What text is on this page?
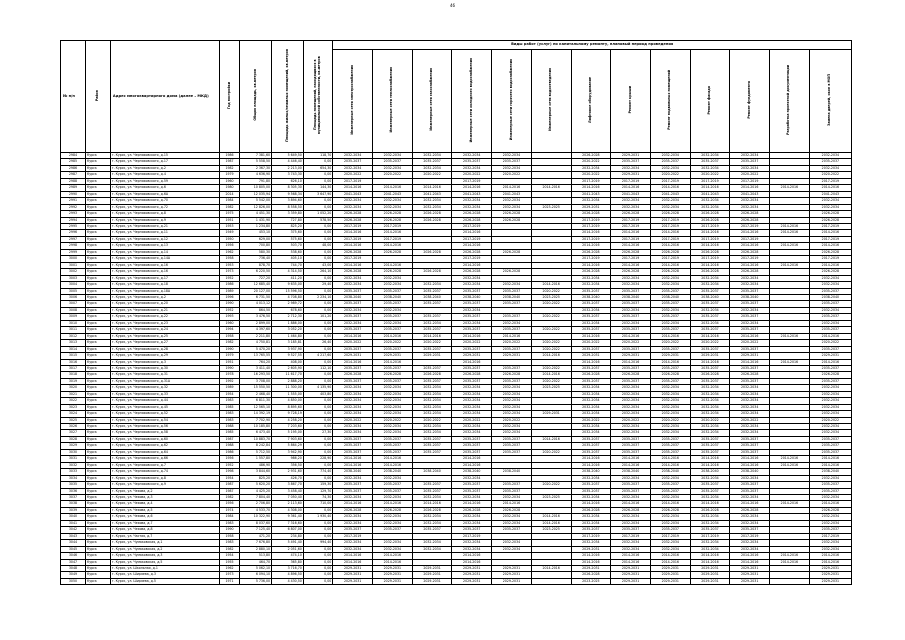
46
№ п/п	Район	Адрес многоквартирного дома (далее – МКД)	Год постройки	Общая площадь, кв.метров	Площадь жилых/нежилых помещений, кв.метров	Площадь помещений, находящихся в муниципальной собственности, кв.метров	Виды работ (услуг) по капитальному ремонту, плановый период проведения												
							Инженерные сети электроснабжения	Инженерные сети теплоснабжения	Инженерные сети газоснабжения	Инженерные сети холодного водоснабжения	Инженерные сети горячего водоснабжения	Инженерные сети водоотведения	Лифтовое оборудование	Ремонт крыши	Ремонт подвальных помещений	Ремонт фасада	Ремонт фундамента	Разработка проектной документации	Замена дверей, окон в МОП
2984	Курск	г. Курск, ул. Черняховского, д.15	1986	7 381,60	5 649,50	118,70	2032-2034	2032-2034	2032-2034	2032-2034	2032-2034		2026-2028	2029-2031	2032-2034	2032-2034	2032-2034		2032-2034
2985	Курск	г. Курск, ул. Черняховского, д.17	1987	5 558,50	4 446,40	0,00	2035-2037	2035-2037	2035-2037	2035-2037	2035-2037		2020-2022	2035-2037	2035-2037	2035-2037	2035-2037		2035-2037
2986	Курск	г. Курск, ул. Черняховского, д.2	1982	2 367,30	2 213,00	654,30	2032-2034	2032-2034	2032-2034	2032-2034	2032-2034		2032-2034	2032-2034	2032-2034	2032-2034	2032-2034		2032-2034
2987	Курск	г. Курск, ул. Черняховского, д.4	1979	4 636,90	3 743,30	0,00	2020-2022	2020-2022	2020-2022	2020-2022	2020-2022		2020-2022	2029-2031	2020-2022	2020-2022	2020-2022		2020-2022
2988	Курск	г. Курск, ул. Черняховского, д.59	1960	791,80	626,10	0,00	2017-2019			2017-2019			2017-2019	2017-2019	2017-2019	2017-2019	2017-2019		2017-2019
2989	Курск	г. Курск, ул. Черняховского, д.6	1980	10 805,00	8 305,30	144,30	2014-2016	2014-2016	2014-2016	2014-2016	2014-2016	2014-2016	2014-2016	2014-2016	2014-2016	2014-2016	2014-2016	2014-2016	2014-2016
2990	Курск	г. Курск, ул. Черняховского, д.6А	2014	12 035,94	9 568,34	3 647,90	2041-2043	2041-2043	2041-2043	2041-2043	2041-2043		2041-2043	2041-2043	2041-2043	2041-2043	2041-2043		2041-2043
2991	Курск	г. Курск, ул. Черняховского, д.70	1984	5 542,00	3 894,60	0,00	2032-2034	2032-2034	2032-2034	2032-2034	2032-2034		2032-2034	2032-2034	2032-2034	2032-2034	2032-2034		2032-2034
2992	Курск	г. Курск, ул. Черняховского, д.72	1982	12 826,00	8 558,50	0,00	2032-2034	2032-2034	2032-2034	2032-2034	2032-2034	2023-2025	2029-2031	2032-2034	2032-2034	2032-2034	2032-2034		2032-2034
2993	Курск	г. Курск, ул. Черняховского, д.8	1975	4 451,30	3 359,80	1 052,20	2026-2028	2026-2028	2026-2028	2026-2028	2026-2028		2026-2028	2026-2028	2026-2028	2026-2028	2026-2028		2026-2028
2994	Курск	г. Курск, ул. Черняховского, д.9	1951	1 431,90	727,80	578,50	2026-2028	2026-2028	2026-2028	2026-2028	2026-2028		2017-2019	2017-2019	2017-2019	2026-2028	2026-2028		2026-2028
2995	Курск	г. Курск, ул. Черняховского, д.21	1953	1 234,80	825,20	0,00	2017-2019	2017-2019		2017-2019			2017-2019	2017-2019	2017-2019	2017-2019	2017-2019	2014-2016	2017-2019
2996	Курск	г. Курск, ул. Черняховского, д.11	1949	453,10	375,60	0,00	2014-2016	2014-2016		2014-2016			2014-2016	2014-2016	2014-2016	2014-2016	2014-2016	2014-2016	2014-2016
2997	Курск	г. Курск, ул. Черняховского, д.12	1950	629,00	575,60	0,00	2017-2019	2017-2019		2017-2019			2017-2019	2017-2019	2017-2019	2017-2019	2017-2019		2017-2019
2998	Курск	г. Курск, ул. Черняховского, д.13	1956	700,80	503,70	48,00	2014-2016	2014-2016		2014-2016			2014-2016	2014-2016	2014-2016	2014-2016	2014-2016	2014-2016	2014-2016
2999	Курск	г. Курск, ул. Черняховского, д.14	1962	580,30	538,60	0,00	2026-2028	2026-2028	2026-2028	2026-2028	2026-2028		2026-2028	2026-2028	2026-2028	2026-2028	2026-2028		2026-2028
3000	Курск	г. Курск, ул. Черняховского, д.14А	1958	736,40	405,10	0,00	2017-2019			2017-2019			2017-2019	2017-2019	2017-2019	2017-2019	2017-2019		2017-2019
3001	Курск	г. Курск, ул. Черняховского, д.16	1953	878,70	744,70	43,00	2014-2016	2014-2016		2014-2016			2014-2016	2014-2016	2014-2016	2014-2016	2014-2016	2014-2016	2014-2016
3002	Курск	г. Курск, ул. Черняховского, д.16	1973	6 220,50	4 314,50	264,10	2026-2028	2026-2028	2026-2028	2026-2028	2026-2028		2026-2028	2026-2028	2026-2028	2026-2028	2026-2028		2026-2028
3003	Курск	г. Курск, ул. Черняховского, д.17	1952	727,20	411,20	0,00	2032-2034	2032-2034		2032-2034			2032-2034	2032-2034	2032-2034	2032-2034	2032-2034		2032-2034
3004	Курск	г. Курск, ул. Черняховского, д.18	1986	12 685,40	9 635,00	29,40	2032-2034	2032-2034	2032-2034	2032-2034	2032-2034	2014-2016	2032-2034	2032-2034	2032-2034	2032-2034	2032-2034		2032-2034
3005	Курск	г. Курск, ул. Черняховского, д.18А	1989	20 127,00	15 596,50	0,00	2035-2037	2035-2037	2035-2037	2035-2037	2035-2037	2020-2022	2035-2037	2035-2037	2035-2037	2035-2037	2035-2037		2035-2037
3006	Курск	г. Курск, ул. Черняховского, д.2	1996	6 731,50	4 708,80	2 234,10	2038-2040	2038-2040	2038-2040	2038-2040	2038-2040	2023-2025	2038-2040	2038-2040	2038-2040	2038-2040	2038-2040		2038-2040
3007	Курск	г. Курск, ул. Черняховского, д.20	1990	4 013,12	2 989,72	0,00	2035-2037	2035-2037	2035-2037	2035-2037	2035-2037	2020-2022	2035-2037	2035-2037	2035-2037	2035-2037	2035-2037		2035-2037
3008	Курск	г. Курск, ул. Черняховского, д.21	1952	864,50	678,60	0,00	2032-2034	2032-2034		2032-2034			2032-2034	2032-2034	2032-2034	2032-2034	2032-2034		2032-2034
3009	Курск	г. Курск, ул. Черняховского, д.22	1993	3 476,50	2 712,30	101,20	2035-2037	2035-2037	2035-2037	2035-2037	2035-2037	2020-2022	2035-2037	2035-2037	2035-2037	2035-2037	2035-2037		2035-2037
3010	Курск	г. Курск, ул. Черняховского, д.23	1960	2 899,00	1 886,00	0,00	2032-2034	2032-2034	2032-2034	2032-2034	2032-2034		2032-2034	2032-2034	2032-2034	2032-2034	2032-2034		2032-2034
3011	Курск	г. Курск, ул. Черняховского, д.24	1994	4 397,60	3 052,20	0,00	2035-2037	2035-2037	2035-2037	2035-2037	2035-2037	2020-2022	2035-2037	2035-2037	2035-2037	2035-2037	2035-2037		2035-2037
3012	Курск	г. Курск, ул. Черняховского, д.25	1958	2 211,80	1 464,80	0,00	2014-2016	2014-2016	2014-2016	2014-2016	2014-2016		2014-2016	2014-2016	2014-2016	2014-2016	2014-2016	2014-2016	2014-2016
3013	Курск	г. Курск, ул. Черняховского, д.27	1982	4 750,81	3 185,81	26,40	2020-2022	2020-2022	2020-2022	2020-2022	2020-2022	2020-2022	2020-2022	2020-2022	2020-2022	2020-2022	2020-2022		2020-2022
3014	Курск	г. Курск, ул. Черняховского, д.28	1990	5 470,20	3 937,90	0,00	2035-2037	2035-2037	2035-2037	2035-2037	2035-2037	2020-2022	2035-2037	2035-2037	2035-2037	2035-2037	2035-2037		2035-2037
3015	Курск	г. Курск, ул. Черняховского, д.29	1979	13 765,55	9 527,55	4 217,60	2029-2031	2029-2031	2029-2031	2029-2031	2029-2031	2014-2016	2029-2031	2029-2031	2029-2031	2029-2031	2029-2031		2029-2031
3016	Курск	г. Курск, ул. Черняховского, д.3	1951	764,20	408,00	0,00	2014-2016	2014-2016		2014-2016			2014-2016	2014-2016	2014-2016	2014-2016	2014-2016	2014-2016	2014-2016
3017	Курск	г. Курск, ул. Черняховского, д.30	1990	3 411,40	2 605,90	112,10	2035-2037	2035-2037	2035-2037	2035-2037	2035-2037	2020-2022	2035-2037	2035-2037	2035-2037	2035-2037	2035-2037		2035-2037
3018	Курск	г. Курск, ул. Черняховского, д.31	1978	16 293,50	11 617,70	0,00	2026-2028	2026-2028	2026-2028	2026-2028	2026-2028	2014-2016	2026-2028	2026-2028	2026-2028	2026-2028	2026-2028		2026-2028
3019	Курск	г. Курск, ул. Черняховского, д.31А	1992	3 708,00	2 888,20	0,00	2035-2037	2035-2037	2035-2037	2035-2037	2035-2037	2020-2022	2035-2037	2035-2037	2035-2037	2035-2037	2035-2037		2035-2037
3020	Курск	г. Курск, ул. Черняховского, д.32	1989	15 550,50	11 300,00	4 135,90	2032-2034	2032-2034	2032-2034	2032-2034	2032-2034	2023-2025	2032-2034	2032-2034	2032-2034	2032-2034	2032-2034		2032-2034
3021	Курск	г. Курск, ул. Черняховского, д.33	1954	2 468,40	1 555,00	403,80	2032-2034	2032-2034	2032-2034	2032-2034	2032-2034		2032-2034	2032-2034	2032-2034	2032-2034	2032-2034		2032-2034
3022	Курск	г. Курск, ул. Черняховского, д.44	1983	6 811,30	4 850,00	0,00	2032-2034	2032-2034	2032-2034	2032-2034	2032-2034		2032-2034	2032-2034	2032-2034	2032-2034	2032-2034		2032-2034
3023	Курск	г. Курск, ул. Черняховского, д.45	1985	12 565,10	8 895,60	0,00	2032-2034	2032-2034	2032-2034	2032-2034	2032-2034		2032-2034	2032-2034	2032-2034	2032-2034	2032-2034		2032-2034
3024	Курск	г. Курск, ул. Черняховского, д.52	1983	14 392,19	9 728,19	0,00	2032-2034	2032-2034	2032-2034	2032-2034	2032-2034	2029-2031	2032-2034	2032-2034	2032-2034	2032-2034	2032-2034		2032-2034
3025	Курск	г. Курск, ул. Черняховского, д.54	1983	7 702,90	4 258,20	0,00	2020-2022	2020-2022	2020-2022	2020-2022	2020-2022		2020-2022	2020-2022	2020-2022	2020-2022	2020-2022		2020-2022
3026	Курск	г. Курск, ул. Черняховского, д.56	1988	10 185,80	7 203,60	0,00	2032-2034	2032-2034	2032-2034	2032-2034	2032-2034		2032-2034	2032-2034	2032-2034	2032-2034	2032-2034		2032-2034
3027	Курск	г. Курск, ул. Черняховского, д.58	1985	6 473,40	5 195,00	27,30	2032-2034	2032-2034	2032-2034	2032-2034	2032-2034		2032-2034	2032-2034	2032-2034	2032-2034	2032-2034		2032-2034
3028	Курск	г. Курск, ул. Черняховского, д.60	1987	10 883,70	7 903,60	0,00	2035-2037	2035-2037	2035-2037	2035-2037	2035-2037	2014-2016	2035-2037	2035-2037	2035-2037	2035-2037	2035-2037		2035-2037
3029	Курск	г. Курск, ул. Черняховского, д.62	1988	8 242,84	5 864,29	0,00	2035-2037	2035-2037	2035-2037	2035-2037	2035-2037		2035-2037	2035-2037	2035-2037	2035-2037	2035-2037		2035-2037
3030	Курск	г. Курск, ул. Черняховского, д.64	1986	5 712,50	3 942,90	0,00	2035-2037	2035-2037	2035-2037	2035-2037	2035-2037	2020-2022	2035-2037	2035-2037	2035-2037	2035-2037	2035-2037		2035-2037
3031	Курск	г. Курск, ул. Черняховского, д.66	1956	1 557,80	986,20	228,90	2014-2016	2014-2016		2014-2016			2014-2016	2014-2016	2014-2016	2014-2016	2014-2016	2014-2016	2014-2016
3032	Курск	г. Курск, ул. Черняховского, д.7	1952	486,90	356,50	0,00	2014-2016	2014-2016		2014-2016			2014-2016	2014-2016	2014-2016	2014-2016	2014-2016	2014-2016	2014-2016
3033	Курск	г. Курск, ул. Черняховского, д.74	1998	3 844,60	2 931,60	774,40	2038-2040	2038-2040	2038-2040	2038-2040	2038-2040		2038-2040	2038-2040	2038-2040	2038-2040	2038-2040		2038-2040
3034	Курск	г. Курск, ул. Черняховского, д.8	1954	825,20	426,70	0,00	2032-2034	2032-2034		2032-2034			2032-2034	2032-2034	2032-2034	2032-2034	2032-2034		2032-2034
3035	Курск	г. Курск, ул. Черняховского, д.9	1987	5 620,20	3 867,70	159,30	2035-2037	2035-2037	2035-2037	2035-2037	2035-2037	2020-2022	2035-2037	2035-2037	2035-2037	2035-2037	2035-2037		2035-2037
3036	Курск	г. Курск, ул. Чехова, д.2	1987	4 425,20	3 458,40	129,70	2035-2037	2035-2037	2035-2037	2035-2037	2035-2037		2035-2037	2035-2037	2035-2037	2035-2037	2035-2037		2035-2037
3037	Курск	г. Курск, ул. Чехова, д.3	1982	7 804,40	7 050,40	74,30	2032-2034	2032-2034	2032-2034	2032-2034	2032-2034	2023-2025	2032-2034	2032-2034	2032-2034	2032-2034	2032-2034		2032-2034
3038	Курск	г. Курск, ул. Чехова, д.4	1956	2 706,80	2 113,60	710,00	2014-2016	2014-2016	2014-2016	2014-2016	2014-2016		2014-2016	2014-2016	2014-2016	2014-2016	2014-2016	2014-2016	2014-2016
3039	Курск	г. Курск, ул. Чехова, д.5	1974	4 533,70	4 308,00	0,00	2026-2028	2026-2028	2026-2028	2026-2028	2026-2028		2026-2028	2026-2028	2026-2028	2026-2028	2026-2028		2026-2028
3040	Курск	г. Курск, ул. Чехова, д.6	1984	10 322,90	9 361,40	1 930,40	2032-2034	2032-2034	2032-2034	2032-2034	2032-2034	2014-2016	2032-2034	2032-2034	2032-2034	2032-2034	2032-2034		2032-2034
3041	Курск	г. Курск, ул. Чехова, д.7	1983	8 037,60	7 316,60	0,00	2032-2034	2032-2034	2032-2034	2032-2034	2032-2034	2014-2016	2032-2034	2032-2034	2032-2034	2032-2034	2032-2034		2032-2034
3042	Курск	г. Курск, ул. Чехова, д.8	1990	7 125,40	6 807,00	0,00	2035-2037	2035-2037	2035-2037	2035-2037	2035-2037	2023-2025	2035-2037	2035-2037	2035-2037	2035-2037	2035-2037		2035-2037
3043	Курск	г. Курск, ул. Частая, д.7	1958	471,20	234,80	0,00	2017-2019			2017-2019			2017-2019	2017-2019	2017-2019	2017-2019	2017-2019		2017-2019
3044	Курск	г. Курск, ул. Чумаковская, д.1	1983	7 676,80	5 491,40	994,40	2032-2034	2032-2034	2032-2034	2032-2034	2032-2034		2032-2034	2032-2034	2032-2034	2032-2034	2032-2034		2032-2034
3045	Курск	г. Курск, ул. Чумаковская, д.2	1982	2 880,10	2 051,60	0,00	2032-2034	2032-2034	2032-2034	2032-2034	2032-2034		2029-2031	2032-2034	2032-2034	2032-2034	2032-2034		2032-2034
3046	Курск	г. Курск, ул. Чумаковская, д.3	1954	513,80	474,10	0,00	2014-2016	2014-2016		2014-2016			2014-2016	2014-2016	2014-2016	2014-2016	2014-2016	2014-2016	2014-2016
3047	Курск	г. Курск, ул. Чумаковская, д.5	1955	464,70	365,80	0,00	2014-2016	2014-2016		2014-2016			2014-2016	2014-2016	2014-2016	2014-2016	2014-2016	2014-2016	2014-2016
3048	Курск	г. Курск, ул. Школьная, д.1	1962	5 062,10	3 716,70	0,00	2029-2031	2029-2031	2029-2031	2029-2031	2029-2031	2014-2016	2029-2031	2029-2031	2029-2031	2029-2031	2029-2031		2029-2031
3049	Курск	г. Курск, ул. Ширяева, д.3	1973	6 094,10	4 896,50	0,00	2029-2031	2029-2031	2029-2031	2029-2031	2029-2031		2026-2028	2029-2031	2029-2031	2029-2031	2029-2031		2029-2031
3050	Курск	г. Курск, ул. Ширяева, д.5	1971	5 736,00	4 430,50	0,00	2029-2031	2029-2031	2029-2031	2029-2031	2029-2031		2023-2025	2029-2031	2029-2031	2029-2031	2029-2031		2029-2031
